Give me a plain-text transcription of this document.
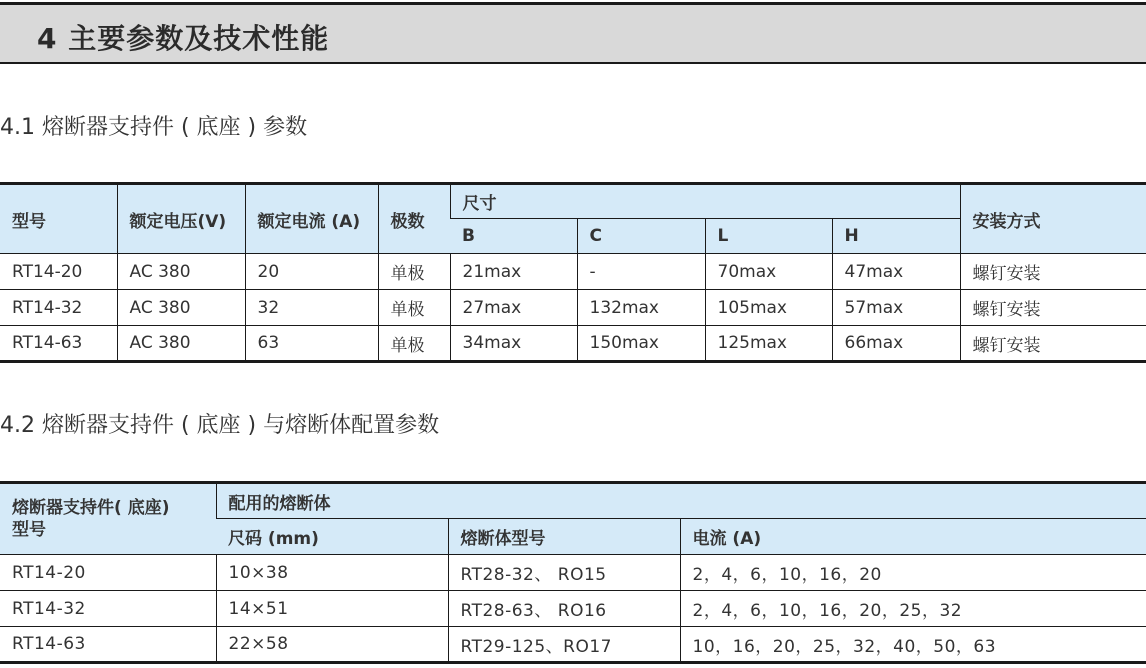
4 主要参数及技术性能
4.1 熔断器支持件 ( 底座 ) 参数
型号	额定电压(V)	额定电流 (A)	极数	尺寸				安装方式
				B	C	L	H	
RT14-20	AC 380	20	单极	21max	-	70max	47max	螺钉安装
RT14-32	AC 380	32	单极	27max	132max	105max	57max	螺钉安装
RT14-63	AC 380	63	单极	34max	150max	125max	66max	螺钉安装
4.2 熔断器支持件 ( 底座 ) 与熔断体配置参数
熔断器支持件( 底座)
型号	配用的熔断体		
	尺码 (mm)	熔断体型号	电流 (A)
RT14-20	10×38	RT28-32、 RO15	2，4，6，10，16，20
RT14-32	14×51	RT28-63、 RO16	2，4，6，10，16，20，25，32
RT14-63	22×58	RT29-125、RO17	10，16，20，25，32，40，50，63
